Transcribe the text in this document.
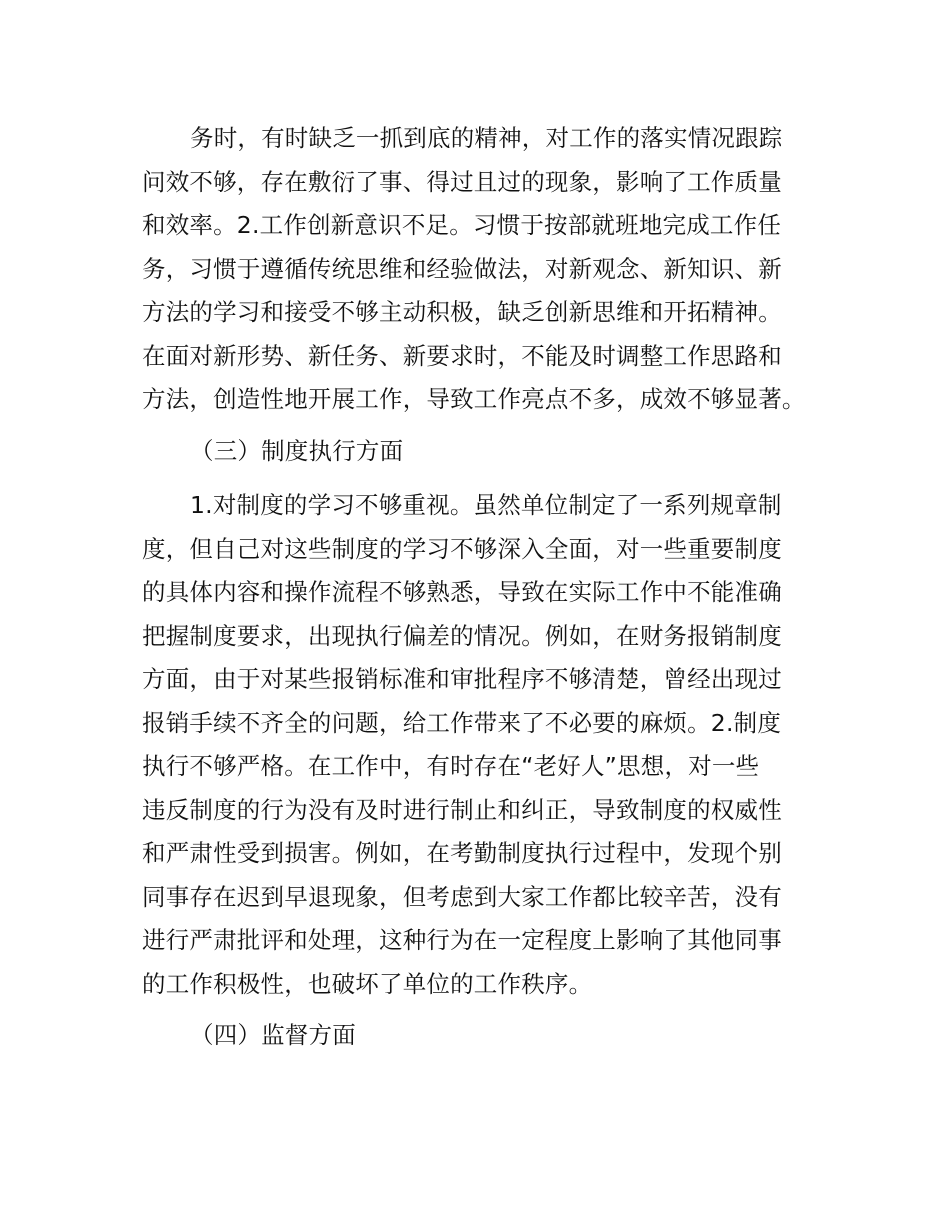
务时，有时缺乏一抓到底的精神，对工作的落实情况跟踪
问效不够，存在敷衍了事、得过且过的现象，影响了工作质量
和效率。2.工作创新意识不足。习惯于按部就班地完成工作任
务，习惯于遵循传统思维和经验做法，对新观念、新知识、新
方法的学习和接受不够主动积极，缺乏创新思维和开拓精神。
在面对新形势、新任务、新要求时，不能及时调整工作思路和
方法，创造性地开展工作，导致工作亮点不多，成效不够显著。
（三）制度执行方面
1.对制度的学习不够重视。虽然单位制定了一系列规章制
度，但自己对这些制度的学习不够深入全面，对一些重要制度
的具体内容和操作流程不够熟悉，导致在实际工作中不能准确
把握制度要求，出现执行偏差的情况。例如，在财务报销制度
方面，由于对某些报销标准和审批程序不够清楚，曾经出现过
报销手续不齐全的问题，给工作带来了不必要的麻烦。2.制度
执行不够严格。在工作中，有时存在“老好人”思想，对一些
违反制度的行为没有及时进行制止和纠正，导致制度的权威性
和严肃性受到损害。例如，在考勤制度执行过程中，发现个别
同事存在迟到早退现象，但考虑到大家工作都比较辛苦，没有
进行严肃批评和处理，这种行为在一定程度上影响了其他同事
的工作积极性，也破坏了单位的工作秩序。
（四）监督方面
